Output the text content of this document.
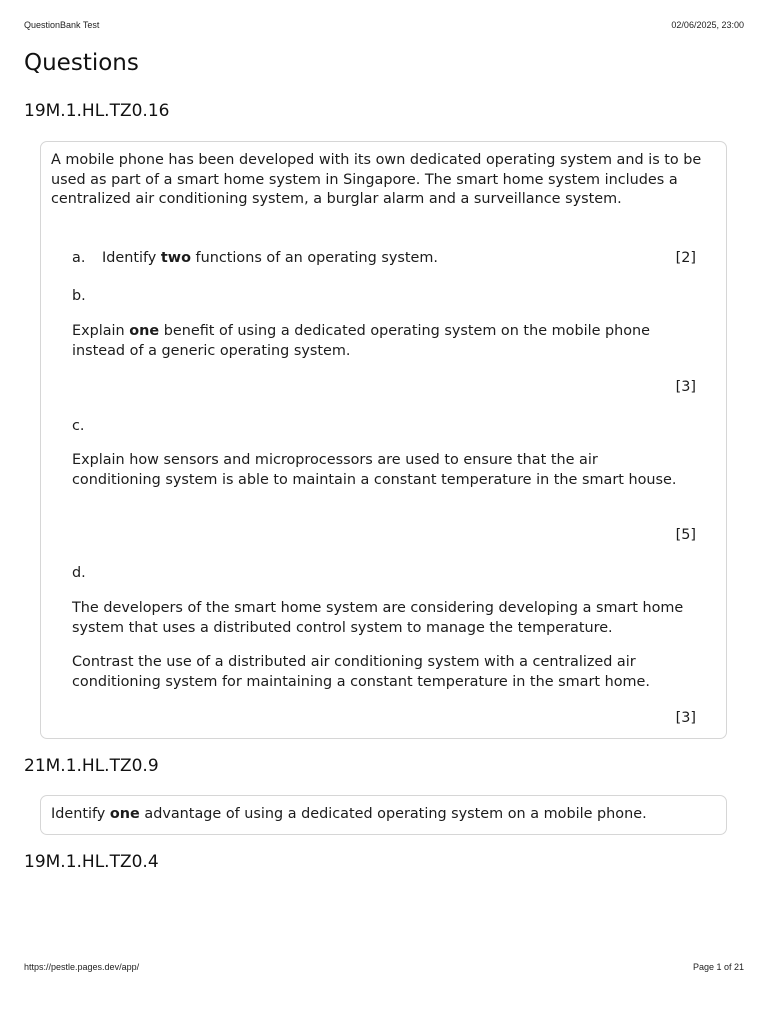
QuestionBank Test	02/06/2025, 23:00
Questions
19M.1.HL.TZ0.16

A mobile phone has been developed with its own dedicated operating system and is to be used as part of a smart home system in Singapore. The smart home system includes a centralized air conditioning system, a burglar alarm and a surveillance system.

a. Identify two functions of an operating system.	[2]
b.

Explain one benefit of using a dedicated operating system on the mobile phone instead of a generic operating system.

[3]
c.

Explain how sensors and microprocessors are used to ensure that the air conditioning system is able to maintain a constant temperature in the smart house.

[5]
d.

The developers of the smart home system are considering developing a smart home system that uses a distributed control system to manage the temperature.

Contrast the use of a distributed air conditioning system with a centralized air conditioning system for maintaining a constant temperature in the smart home.

[3]
21M.1.HL.TZ0.9

Identify one advantage of using a dedicated operating system on a mobile phone.

19M.1.HL.TZ0.4
https://pestle.pages.dev/app/	Page 1 of 21
